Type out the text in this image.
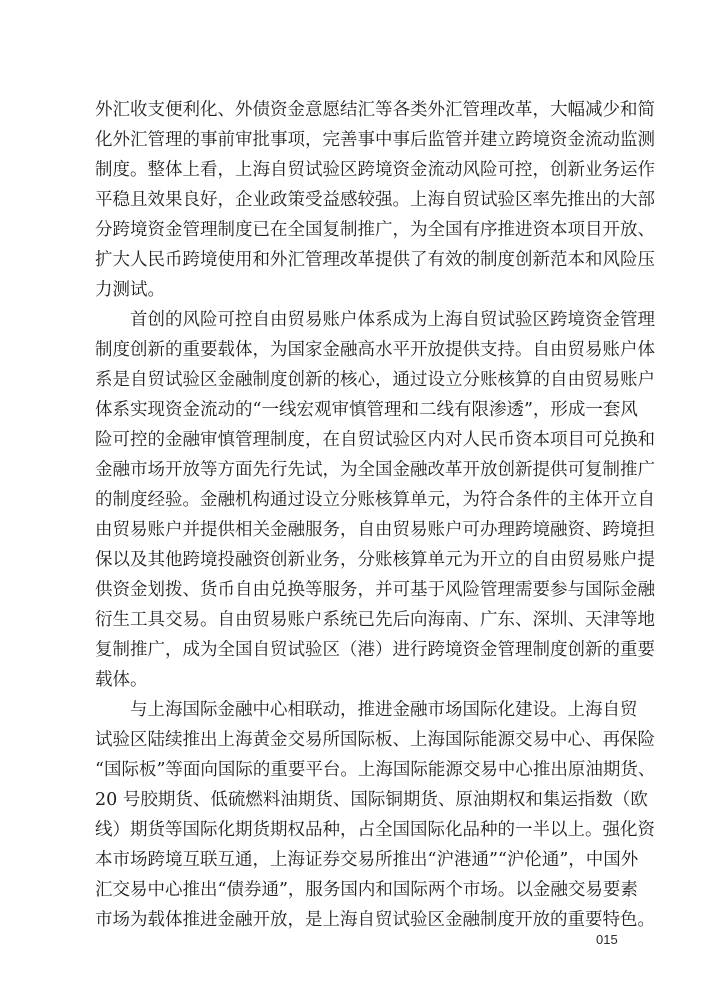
外汇收支便利化、外债资金意愿结汇等各类外汇管理改革，大幅减少和简
化外汇管理的事前审批事项，完善事中事后监管并建立跨境资金流动监测
制度。整体上看，上海自贸试验区跨境资金流动风险可控，创新业务运作
平稳且效果良好，企业政策受益感较强。上海自贸试验区率先推出的大部
分跨境资金管理制度已在全国复制推广，为全国有序推进资本项目开放、
扩大人民币跨境使用和外汇管理改革提供了有效的制度创新范本和风险压
力测试。
首创的风险可控自由贸易账户体系成为上海自贸试验区跨境资金管理
制度创新的重要载体，为国家金融高水平开放提供支持。自由贸易账户体
系是自贸试验区金融制度创新的核心，通过设立分账核算的自由贸易账户
体系实现资金流动的“一线宏观审慎管理和二线有限渗透”，形成一套风
险可控的金融审慎管理制度，在自贸试验区内对人民币资本项目可兑换和
金融市场开放等方面先行先试，为全国金融改革开放创新提供可复制推广
的制度经验。金融机构通过设立分账核算单元，为符合条件的主体开立自
由贸易账户并提供相关金融服务，自由贸易账户可办理跨境融资、跨境担
保以及其他跨境投融资创新业务，分账核算单元为开立的自由贸易账户提
供资金划拨、货币自由兑换等服务，并可基于风险管理需要参与国际金融
衍生工具交易。自由贸易账户系统已先后向海南、广东、深圳、天津等地
复制推广，成为全国自贸试验区（港）进行跨境资金管理制度创新的重要
载体。
与上海国际金融中心相联动，推进金融市场国际化建设。上海自贸
试验区陆续推出上海黄金交易所国际板、上海国际能源交易中心、再保险
“国际板”等面向国际的重要平台。上海国际能源交易中心推出原油期货、
20 号胶期货、低硫燃料油期货、国际铜期货、原油期权和集运指数（欧
线）期货等国际化期货期权品种，占全国国际化品种的一半以上。强化资
本市场跨境互联互通，上海证券交易所推出“沪港通”“沪伦通”，中国外
汇交易中心推出“债券通”，服务国内和国际两个市场。以金融交易要素
市场为载体推进金融开放，是上海自贸试验区金融制度开放的重要特色。
015
